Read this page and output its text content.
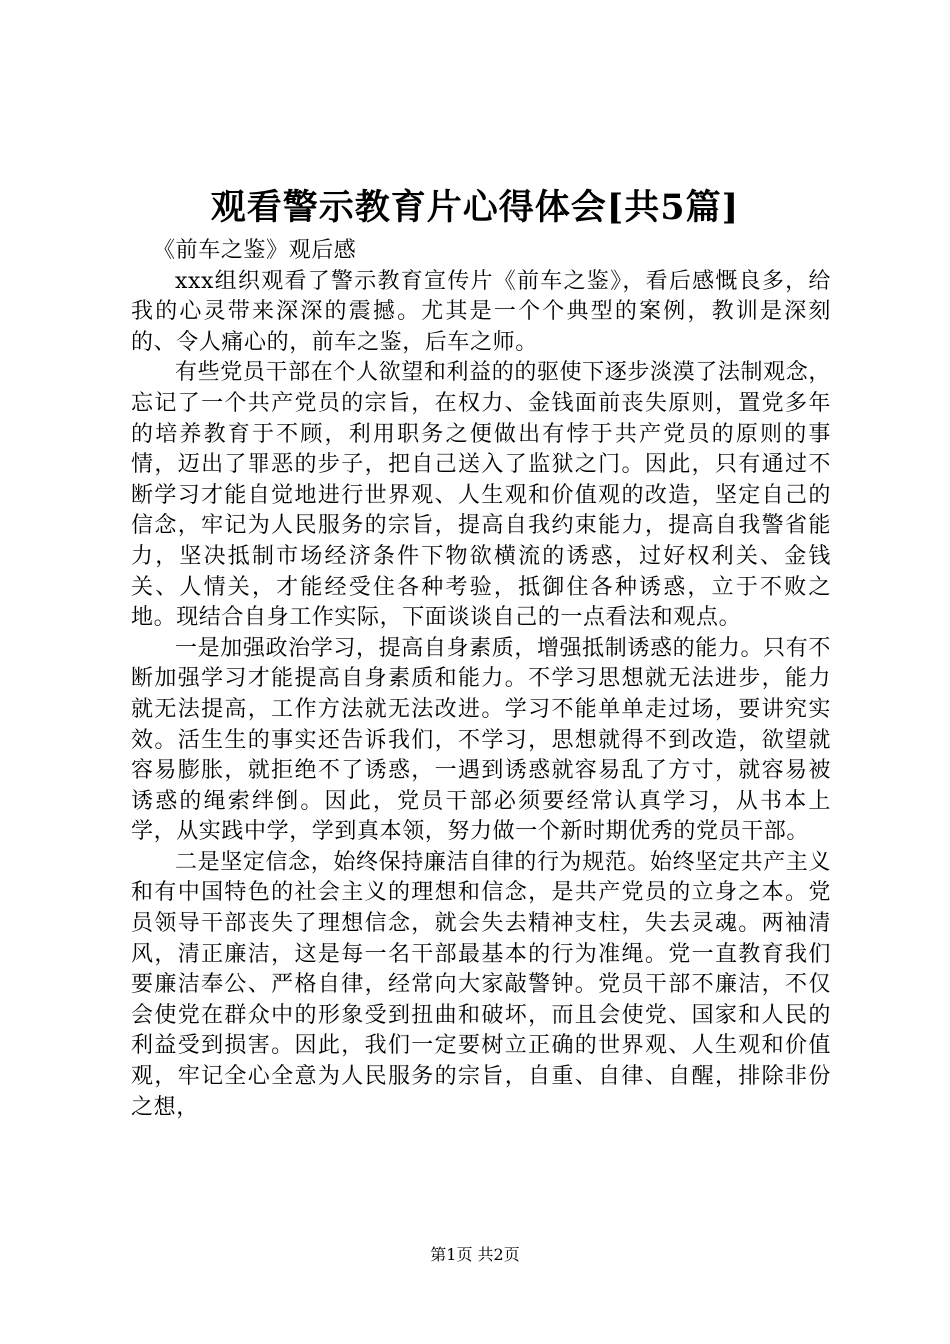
观看警示教育片心得体会[共5篇]

《前车之鉴》观后感

xxx组织观看了警示教育宣传片《前车之鉴》，看后感慨良多，给我的心灵带来深深的震撼。尤其是一个个典型的案例，教训是深刻的、令人痛心的，前车之鉴，后车之师。

有些党员干部在个人欲望和利益的的驱使下逐步淡漠了法制观念，忘记了一个共产党员的宗旨，在权力、金钱面前丧失原则，置党多年的培养教育于不顾，利用职务之便做出有悖于共产党员的原则的事情，迈出了罪恶的步子，把自己送入了监狱之门。因此，只有通过不断学习才能自觉地进行世界观、人生观和价值观的改造，坚定自己的信念，牢记为人民服务的宗旨，提高自我约束能力，提高自我警省能力，坚决抵制市场经济条件下物欲横流的诱惑，过好权利关、金钱关、人情关，才能经受住各种考验，抵御住各种诱惑，立于不败之地。现结合自身工作实际，下面谈谈自己的一点看法和观点。

一是加强政治学习，提高自身素质，增强抵制诱惑的能力。只有不断加强学习才能提高自身素质和能力。不学习思想就无法进步，能力就无法提高，工作方法就无法改进。学习不能单单走过场，要讲究实效。活生生的事实还告诉我们，不学习，思想就得不到改造，欲望就容易膨胀，就拒绝不了诱惑，一遇到诱惑就容易乱了方寸，就容易被诱惑的绳索绊倒。因此，党员干部必须要经常认真学习，从书本上学，从实践中学，学到真本领，努力做一个新时期优秀的党员干部。

二是坚定信念，始终保持廉洁自律的行为规范。始终坚定共产主义和有中国特色的社会主义的理想和信念，是共产党员的立身之本。党员领导干部丧失了理想信念，就会失去精神支柱，失去灵魂。两袖清风，清正廉洁，这是每一名干部最基本的行为准绳。党一直教育我们要廉洁奉公、严格自律，经常向大家敲警钟。党员干部不廉洁，不仅会使党在群众中的形象受到扭曲和破坏，而且会使党、国家和人民的利益受到损害。因此，我们一定要树立正确的世界观、人生观和价值观，牢记全心全意为人民服务的宗旨，自重、自律、自醒，排除非份之想，

第1页 共2页
